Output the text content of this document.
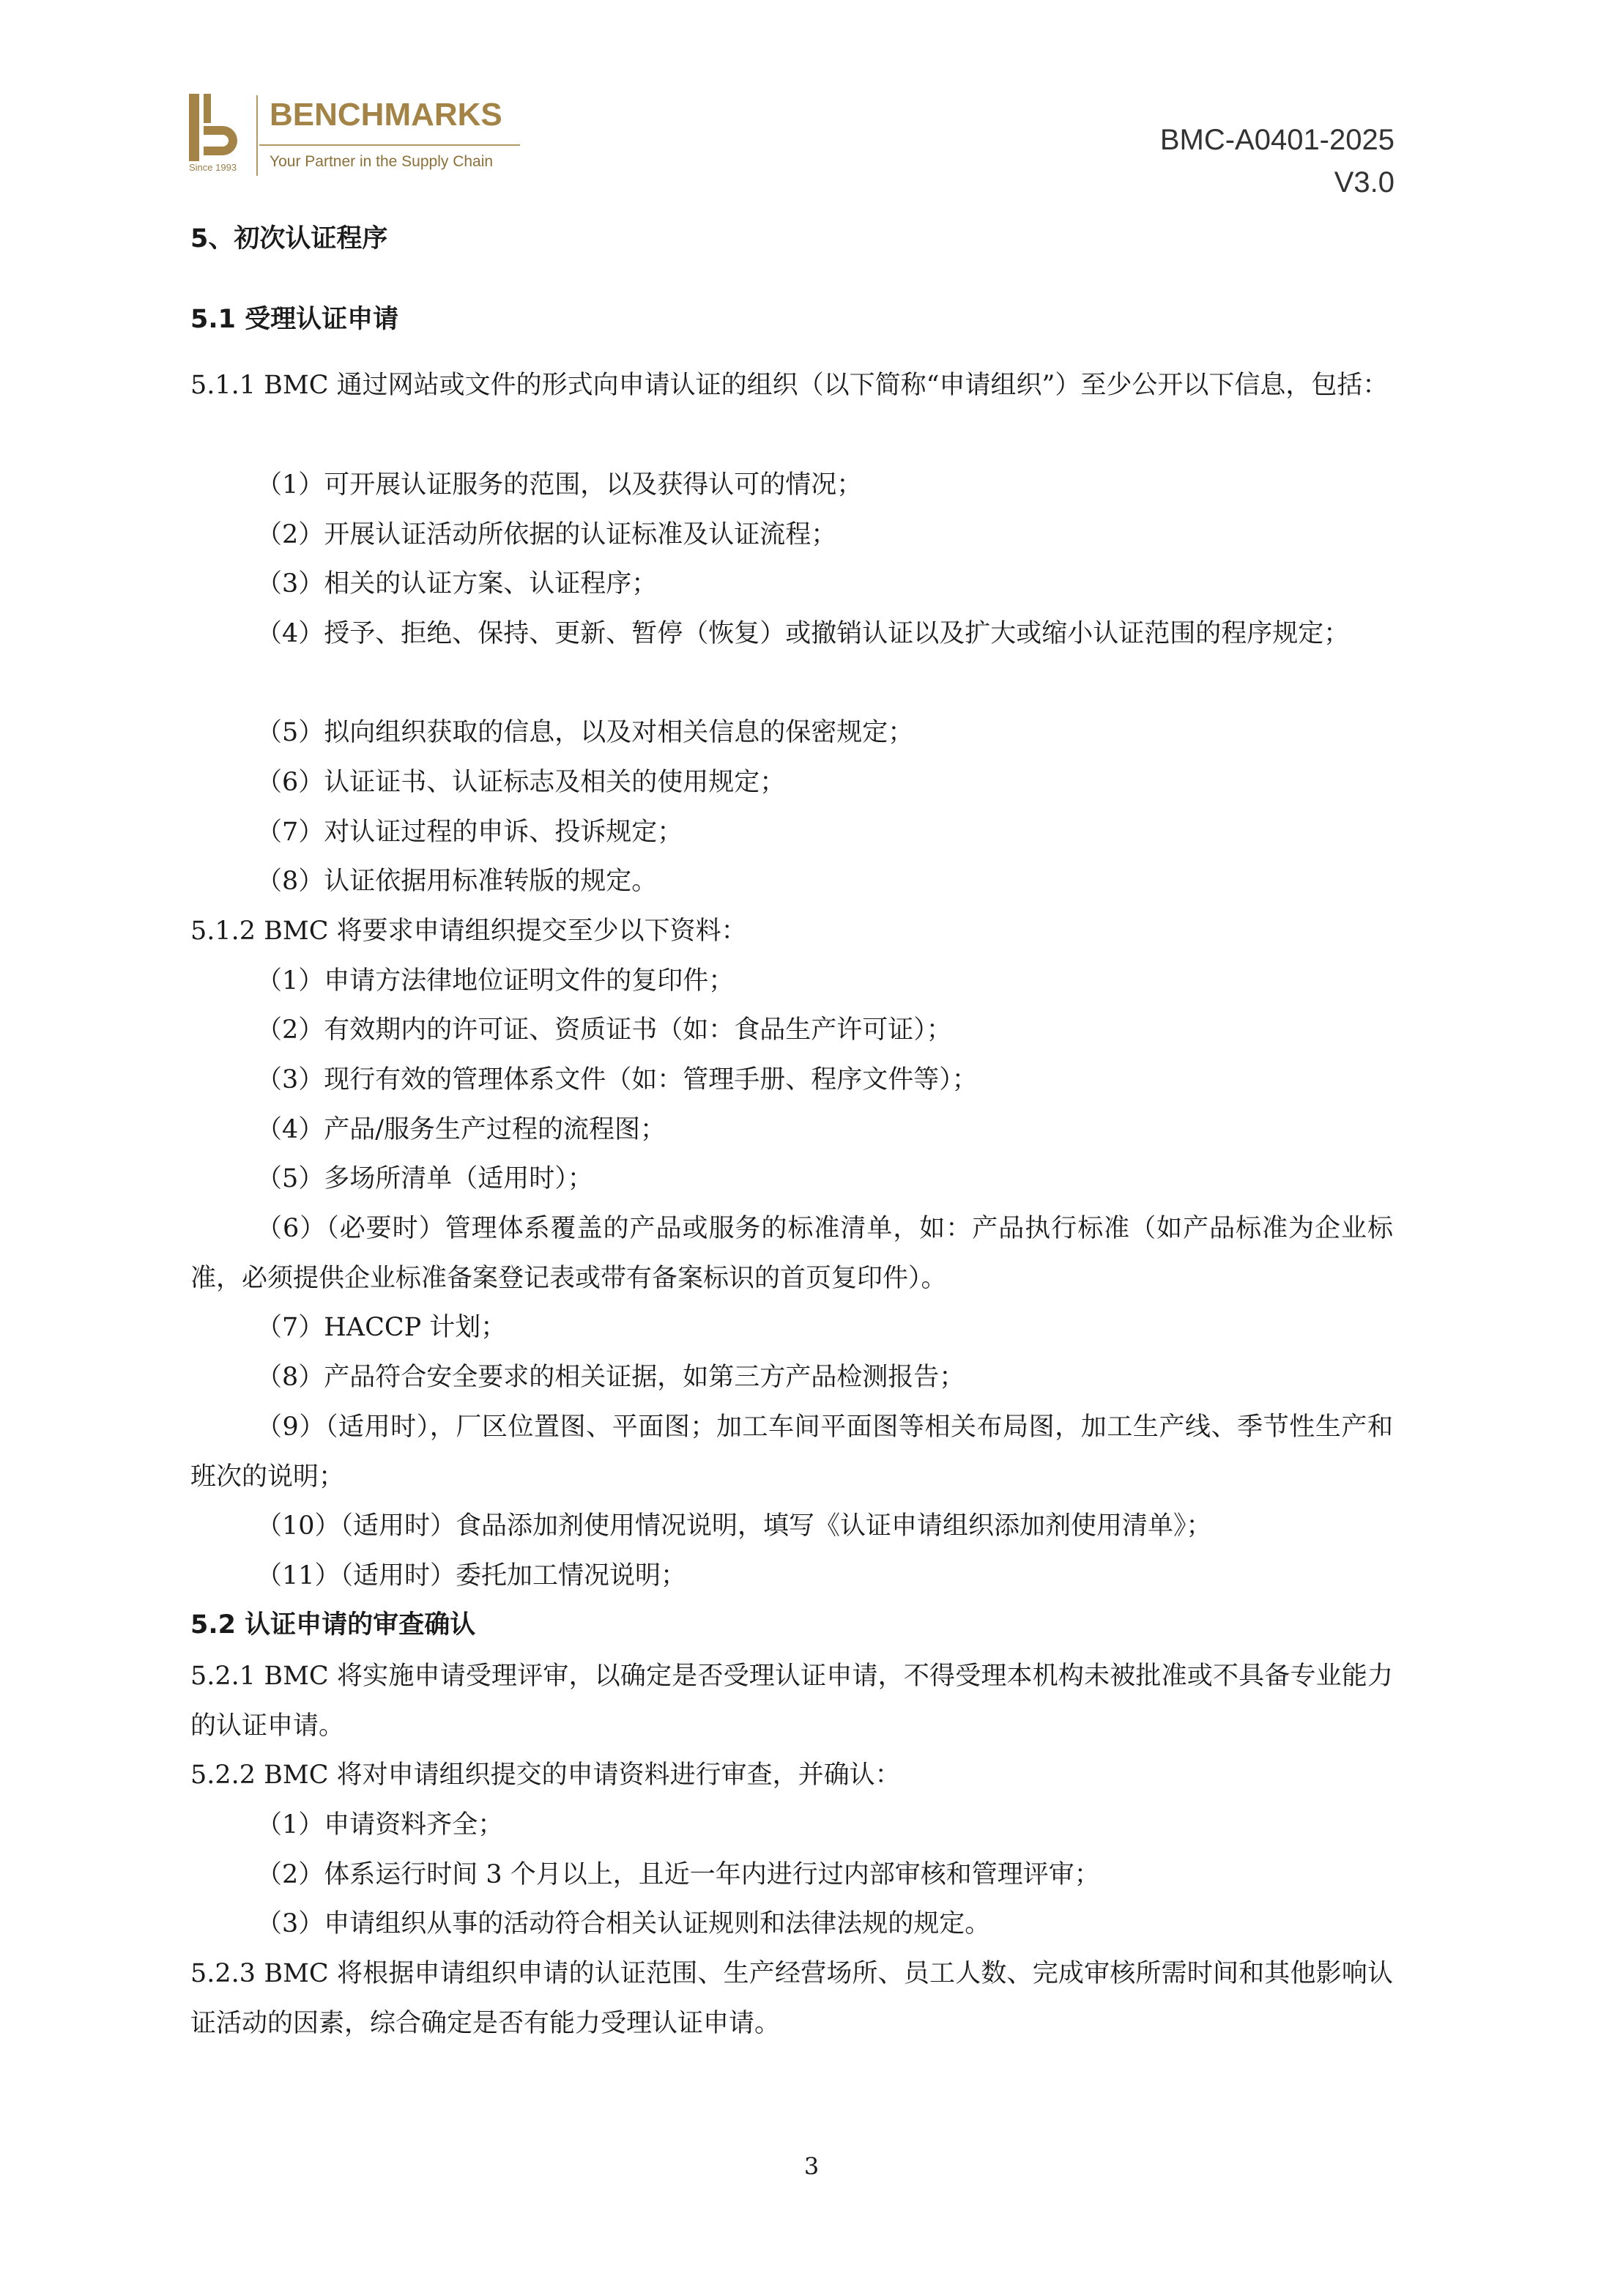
Since 1993
BENCHMARKS
Your Partner in the Supply Chain
BMC-A0401-2025
V3.0
5、初次认证程序
5.1 受理认证申请
5.1.1 BMC 通过网站或文件的形式向申请认证的组织（以下简称“申请组织”）至少公开以下信息，包括：
（1）可开展认证服务的范围，以及获得认可的情况；
（2）开展认证活动所依据的认证标准及认证流程；
（3）相关的认证方案、认证程序；
（4）授予、拒绝、保持、更新、暂停（恢复）或撤销认证以及扩大或缩小认证范围的程序规定；
（5）拟向组织获取的信息，以及对相关信息的保密规定；
（6）认证证书、认证标志及相关的使用规定；
（7）对认证过程的申诉、投诉规定；
（8）认证依据用标准转版的规定。
5.1.2 BMC 将要求申请组织提交至少以下资料：
（1）申请方法律地位证明文件的复印件；
（2）有效期内的许可证、资质证书（如：食品生产许可证）；
（3）现行有效的管理体系文件（如：管理手册、程序文件等）；
（4）产品/服务生产过程的流程图；
（5）多场所清单（适用时）；
（6）（必要时）管理体系覆盖的产品或服务的标准清单，如：产品执行标准（如产品标准为企业标准，必须提供企业标准备案登记表或带有备案标识的首页复印件）。
（7）HACCP 计划；
（8）产品符合安全要求的相关证据，如第三方产品检测报告；
（9）（适用时），厂区位置图、平面图；加工车间平面图等相关布局图，加工生产线、季节性生产和班次的说明；
（10）（适用时）食品添加剂使用情况说明，填写《认证申请组织添加剂使用清单》；
（11）（适用时）委托加工情况说明；
5.2 认证申请的审查确认
5.2.1 BMC 将实施申请受理评审，以确定是否受理认证申请，不得受理本机构未被批准或不具备专业能力的认证申请。
5.2.2 BMC 将对申请组织提交的申请资料进行审查，并确认：
（1）申请资料齐全；
（2）体系运行时间 3 个月以上，且近一年内进行过内部审核和管理评审；
（3）申请组织从事的活动符合相关认证规则和法律法规的规定。
5.2.3 BMC 将根据申请组织申请的认证范围、生产经营场所、员工人数、完成审核所需时间和其他影响认证活动的因素，综合确定是否有能力受理认证申请。
3
